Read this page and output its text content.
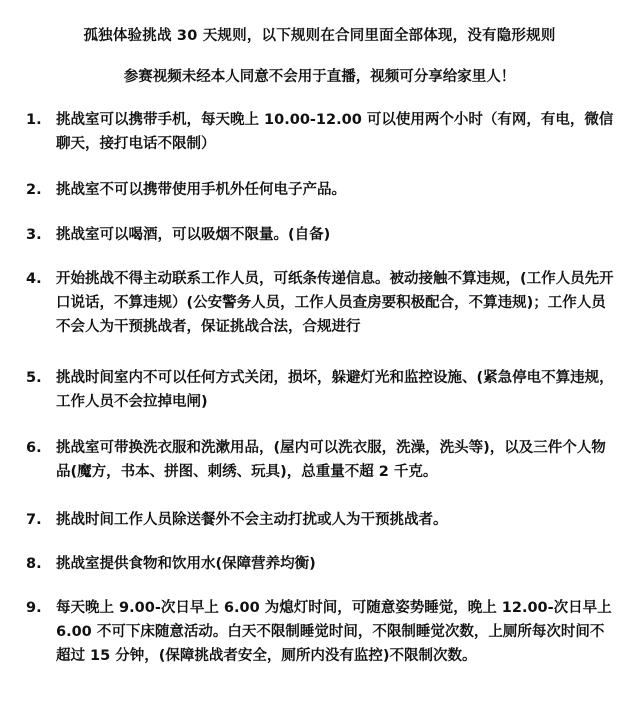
孤独体验挑战 30 天规则，以下规则在合同里面全部体现，没有隐形规则
参赛视频未经本人同意不会用于直播，视频可分享给家里人！
1. 挑战室可以携带手机，每天晚上 10.00-12.00 可以使用两个小时（有网，有电，微信聊天，接打电话不限制）
2. 挑战室不可以携带使用手机外任何电子产品。
3. 挑战室可以喝酒，可以吸烟不限量。(自备)
4. 开始挑战不得主动联系工作人员，可纸条传递信息。被动接触不算违规，(工作人员先开口说话，不算违规）(公安警务人员，工作人员查房要积极配合，不算违规)；工作人员不会人为干预挑战者，保证挑战合法，合规进行
5. 挑战时间室内不可以任何方式关闭，损坏，躲避灯光和监控设施、(紧急停电不算违规，工作人员不会拉掉电闸)
6. 挑战室可带换洗衣服和洗漱用品，(屋内可以洗衣服，洗澡，洗头等)，以及三件个人物品(魔方，书本、拼图、刺绣、玩具)，总重量不超 2 千克。
7. 挑战时间工作人员除送餐外不会主动打扰或人为干预挑战者。
8. 挑战室提供食物和饮用水(保障营养均衡)
9. 每天晚上 9.00-次日早上 6.00 为熄灯时间，可随意姿势睡觉，晚上 12.00-次日早上 6.00 不可下床随意活动。白天不限制睡觉时间，不限制睡觉次数，上厕所每次时间不超过 15 分钟，(保障挑战者安全，厕所内没有监控)不限制次数。
